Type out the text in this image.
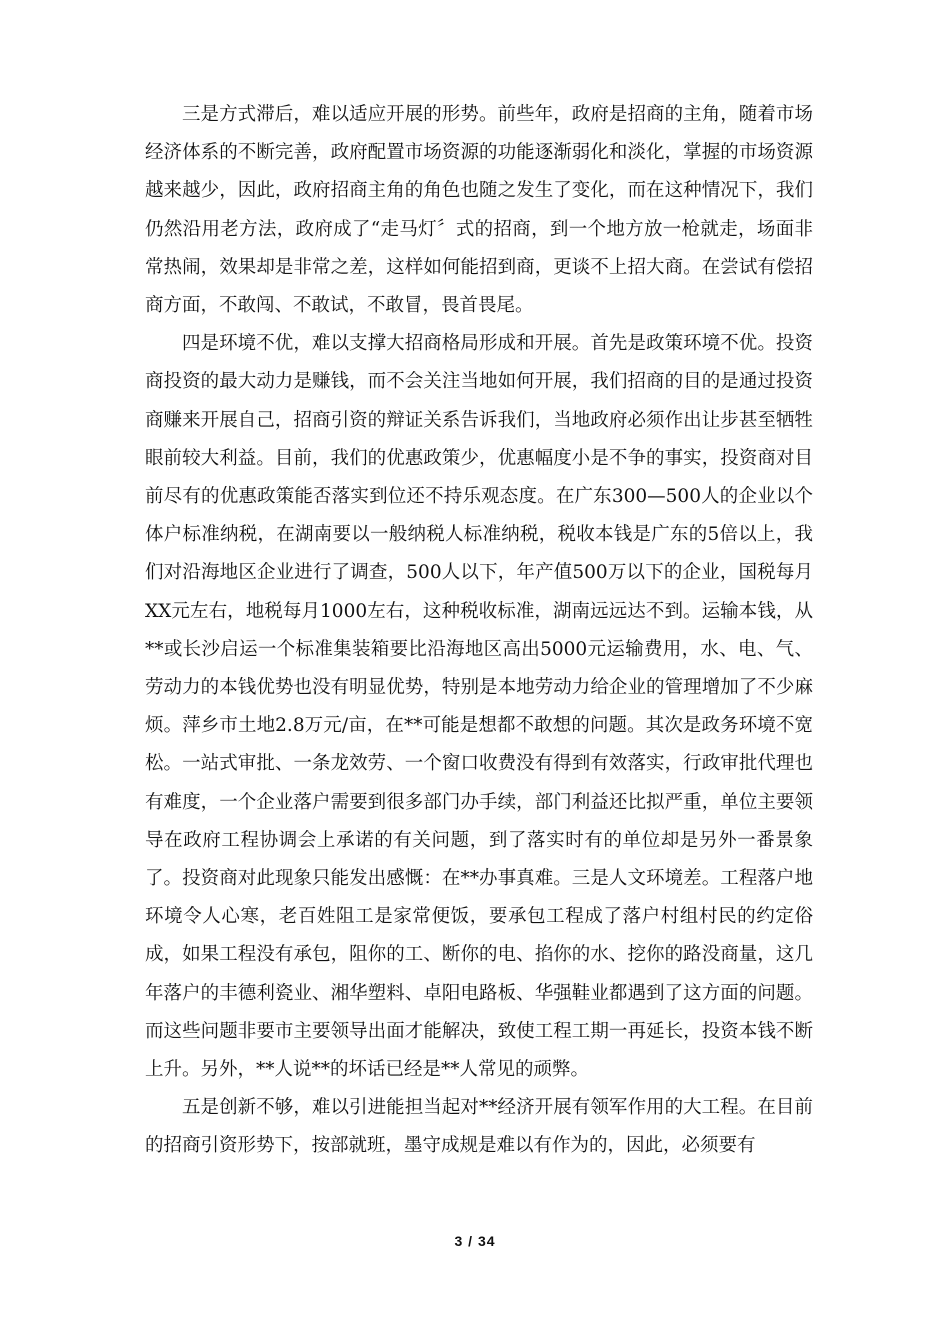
三是方式滞后，难以适应开展的形势。前些年，政府是招商的主角，随着市场经济体系的不断完善，政府配置市场资源的功能逐渐弱化和淡化，掌握的市场资源越来越少，因此，政府招商主角的角色也随之发生了变化，而在这种情况下，我们仍然沿用老方法，政府成了“走马灯〞式的招商，到一个地方放一枪就走，场面非常热闹，效果却是非常之差，这样如何能招到商，更谈不上招大商。在尝试有偿招商方面，不敢闯、不敢试，不敢冒，畏首畏尾。

四是环境不优，难以支撑大招商格局形成和开展。首先是政策环境不优。投资商投资的最大动力是赚钱，而不会关注当地如何开展，我们招商的目的是通过投资商赚来开展自己，招商引资的辩证关系告诉我们，当地政府必须作出让步甚至牺牲眼前较大利益。目前，我们的优惠政策少，优惠幅度小是不争的事实，投资商对目前尽有的优惠政策能否落实到位还不持乐观态度。在广东300—500人的企业以个体户标准纳税，在湖南要以一般纳税人标准纳税，税收本钱是广东的5倍以上，我们对沿海地区企业进行了调查，500人以下，年产值500万以下的企业，国税每月XX元左右，地税每月1000左右，这种税收标准，湖南远远达不到。运输本钱，从**或长沙启运一个标准集装箱要比沿海地区高出5000元运输费用，水、电、气、劳动力的本钱优势也没有明显优势，特别是本地劳动力给企业的管理增加了不少麻烦。萍乡市土地2.8万元/亩，在**可能是想都不敢想的问题。其次是政务环境不宽松。一站式审批、一条龙效劳、一个窗口收费没有得到有效落实，行政审批代理也有难度，一个企业落户需要到很多部门办手续，部门利益还比拟严重，单位主要领导在政府工程协调会上承诺的有关问题，到了落实时有的单位却是另外一番景象了。投资商对此现象只能发出感慨：在**办事真难。三是人文环境差。工程落户地环境令人心寒，老百姓阻工是家常便饭，要承包工程成了落户村组村民的约定俗成，如果工程没有承包，阻你的工、断你的电、掐你的水、挖你的路没商量，这几年落户的丰德利瓷业、湘华塑料、卓阳电路板、华强鞋业都遇到了这方面的问题。而这些问题非要市主要领导出面才能解决，致使工程工期一再延长，投资本钱不断上升。另外，**人说**的坏话已经是**人常见的顽弊。

五是创新不够，难以引进能担当起对**经济开展有领军作用的大工程。在目前的招商引资形势下，按部就班，墨守成规是难以有作为的，因此，必须要有

3 / 34
